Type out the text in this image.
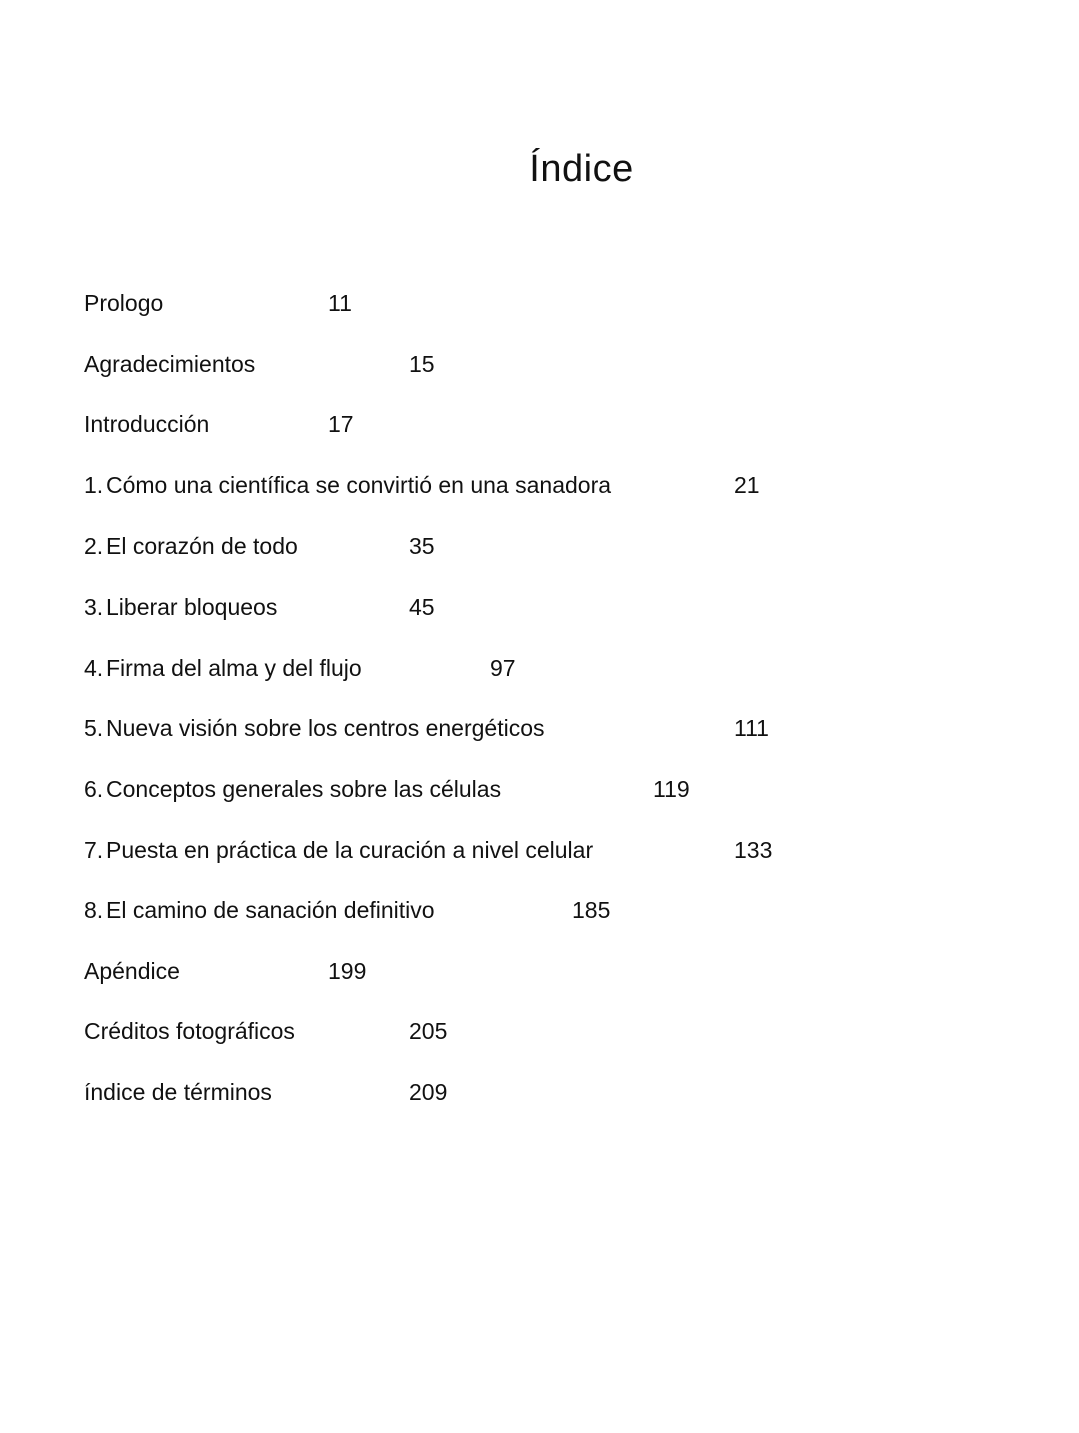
Índice
Prologo	11
Agradecimientos	15
Introducción	17
1. Cómo una científica se convirtió en una sanadora	21
2. El corazón de todo	35
3. Liberar bloqueos	45
4. Firma del alma y del flujo	97
5. Nueva visión sobre los centros energéticos	111
6. Conceptos generales sobre las células	119
7. Puesta en práctica de la curación a nivel celular	133
8. El camino de sanación definitivo	185
Apéndice	199
Créditos fotográficos	205
índice de términos	209
